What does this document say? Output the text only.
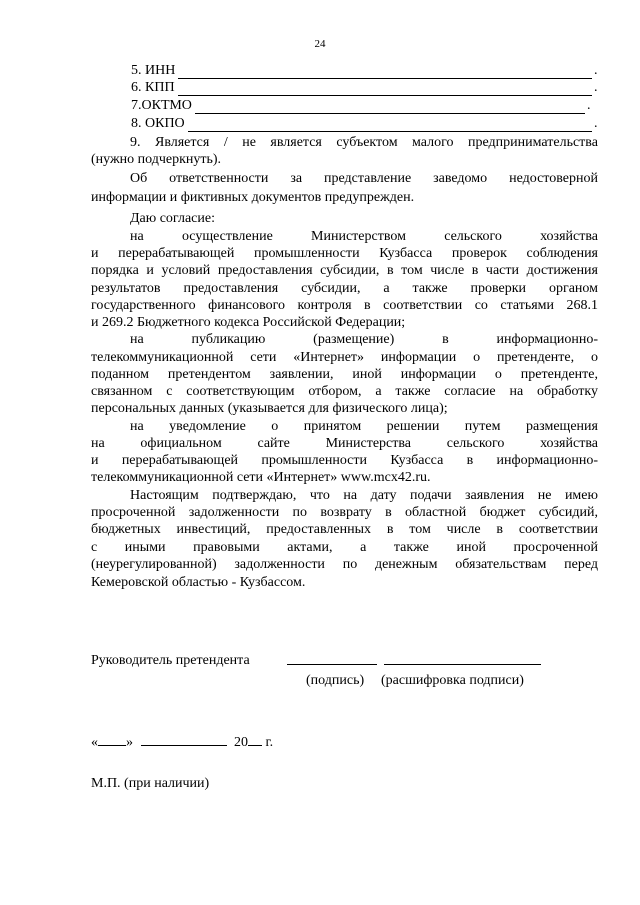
24
5. ИНН	.
6. КПП	.
7.ОКТМО	.
8. ОКПО	.
9. Является / не является субъектом малого предпринимательства
(нужно подчеркнуть).
Об ответственности за представление заведомо недостоверной
информации и фиктивных документов предупрежден.
Даю согласие:
на	осуществление	Министерством	сельского	хозяйства
и перерабатывающей промышленности Кузбасса проверок соблюдения
порядка и условий предоставления субсидии, в том числе в части достижения
результатов предоставления субсидии, а также проверки органом
государственного финансового контроля в соответствии со статьями 268.1
и 269.2 Бюджетного кодекса Российской Федерации;
на	публикацию	(размещение)	в	информационно-
телекоммуникационной сети «Интернет» информации о претенденте, о
поданном претендентом заявлении, иной информации о претенденте,
связанном с соответствующим отбором, а также согласие на обработку
персональных данных (указывается для физического лица);
на уведомление о принятом решении путем размещения
на	официальном	сайте	Министерства	сельского	хозяйства
и перерабатывающей промышленности Кузбасса в информационно-
телекоммуникационной сети «Интернет» www.mcx42.ru.
Настоящим подтверждаю, что на дату подачи заявления не имею
просроченной задолженности по возврату в областной бюджет субсидий,
бюджетных инвестиций, предоставленных в том числе в соответствии
с иными правовыми актами, а также иной просроченной
(неурегулированной) задолженности по денежным обязательствам перед
Кемеровской областью - Кузбассом.
Руководитель претендента
(подпись) (расшифровка подписи)
« »	20 г.
М.П. (при наличии)
